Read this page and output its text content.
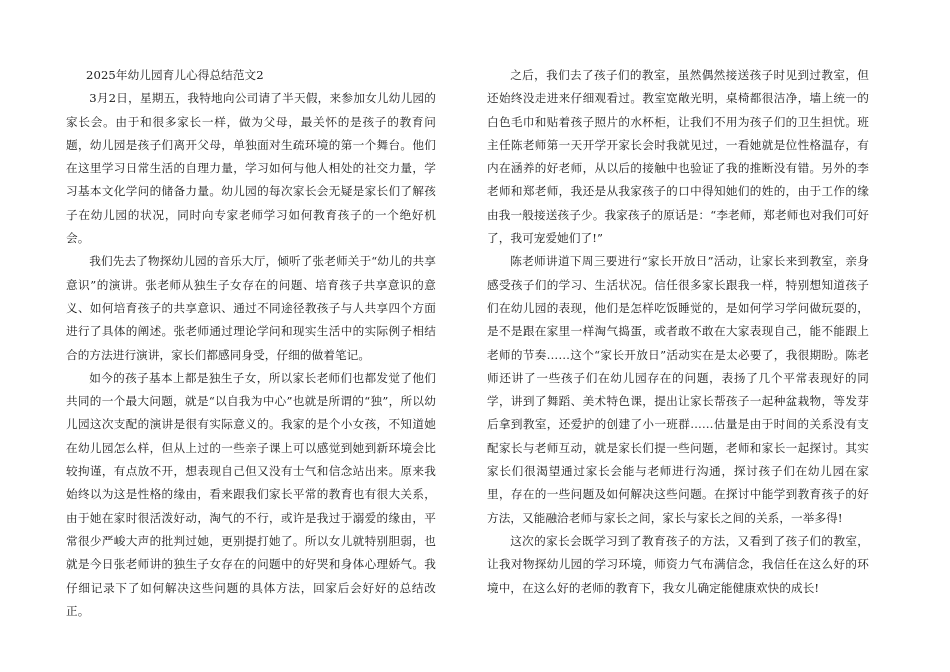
2025年幼儿园育儿心得总结范文2

3月2日，星期五，我特地向公司请了半天假，来参加女儿幼儿园的家长会。由于和很多家长一样，做为父母，最关怀的是孩子的教育问题，幼儿园是孩子们离开父母，单独面对生疏环境的第一个舞台。他们在这里学习日常生活的自理力量，学习如何与他人相处的社交力量，学习基本文化学问的储备力量。幼儿园的每次家长会无疑是家长们了解孩子在幼儿园的状况，同时向专家老师学习如何教育孩子的一个绝好机会。

我们先去了物探幼儿园的音乐大厅，倾听了张老师关于“幼儿的共享意识”的演讲。张老师从独生子女存在的问题、培育孩子共享意识的意义、如何培育孩子的共享意识、通过不同途径教孩子与人共享四个方面进行了具体的阐述。张老师通过理论学问和现实生活中的实际例子相结合的方法进行演讲，家长们都感同身受，仔细的做着笔记。

如今的孩子基本上都是独生子女，所以家长老师们也都发觉了他们共同的一个最大问题，就是“以自我为中心”也就是所谓的“独”，所以幼儿园这次支配的演讲是很有实际意义的。我家的是个小女孩，不知道她在幼儿园怎么样，但从上过的一些亲子课上可以感觉到她到新环境会比较拘谨，有点放不开，想表现自己但又没有士气和信念站出来。原来我始终以为这是性格的缘由，看来跟我们家长平常的教育也有很大关系，由于她在家时很活泼好动，淘气的不行，或许是我过于溺爱的缘由，平常很少严峻大声的批判过她，更别提打她了。所以女儿就特别胆弱，也就是今日张老师讲的独生子女存在的问题中的好哭和身体心理娇气。我仔细记录下了如何解决这些问题的具体方法，回家后会好好的总结改正。

之后，我们去了孩子们的教室，虽然偶然接送孩子时见到过教室，但还始终没走进来仔细观看过。教室宽敞光明，桌椅都很洁净，墙上统一的白色毛巾和贴着孩子照片的水杯柜，让我们不用为孩子们的卫生担忧。班主任陈老师第一天开学开家长会时我就见过，一看她就是位性格温存，有内在涵养的好老师，从以后的接触中也验证了我的推断没有错。另外的李老师和郑老师，我还是从我家孩子的口中得知她们的姓的，由于工作的缘由我一般接送孩子少。我家孩子的原话是：“李老师，郑老师也对我们可好了，我可宠爱她们了!”

陈老师讲道下周三要进行“家长开放日”活动，让家长来到教室，亲身感受孩子们的学习、生活状况。信任很多家长跟我一样，特别想知道孩子们在幼儿园的表现，他们是怎样吃饭睡觉的，是如何学习学问做玩耍的，是不是跟在家里一样淘气捣蛋，或者敢不敢在大家表现自己，能不能跟上老师的节奏……这个“家长开放日”活动实在是太必要了，我很期盼。陈老师还讲了一些孩子们在幼儿园存在的问题，表扬了几个平常表现好的同学，讲到了舞蹈、美术特色课，提出让家长帮孩子一起种盆栽物，等发芽后拿到教室，还爱护的创建了小一班群……估量是由于时间的关系没有支配家长与老师互动，就是家长们提一些问题，老师和家长一起探讨。其实家长们很渴望通过家长会能与老师进行沟通，探讨孩子们在幼儿园在家里，存在的一些问题及如何解决这些问题。在探讨中能学到教育孩子的好方法，又能融洽老师与家长之间，家长与家长之间的关系，一举多得!

这次的家长会既学习到了教育孩子的方法，又看到了孩子们的教室，让我对物探幼儿园的学习环境，师资力气布满信念，我信任在这么好的环境中，在这么好的老师的教育下，我女儿确定能健康欢快的成长!
